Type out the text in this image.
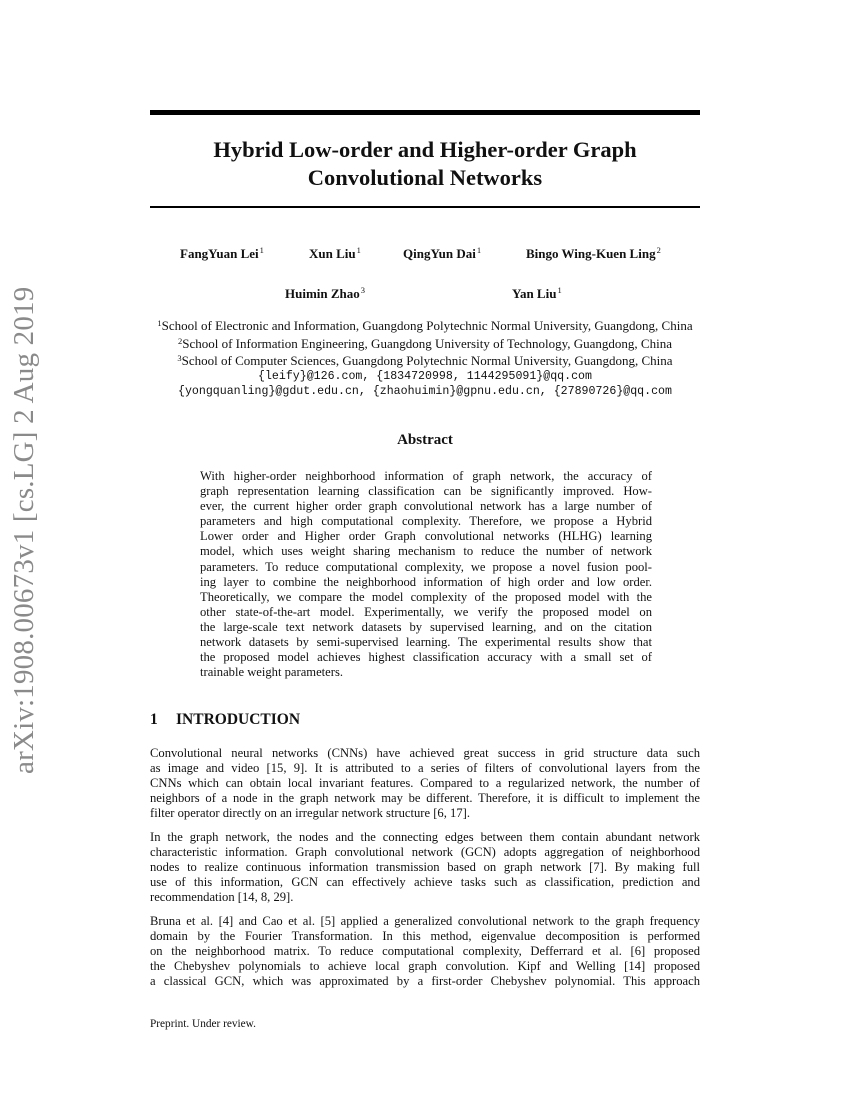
arXiv:1908.00673v1 [cs.LG] 2 Aug 2019
Hybrid Low-order and Higher-order Graph
Convolutional Networks
FangYuan Lei$^1$	Xun Liu$^1$	QingYun Dai$^1$	Bingo Wing-Kuen Ling$^2$
Huimin Zhao$^3$	Yan Liu$^1$
$^1$School of Electronic and Information, Guangdong Polytechnic Normal University, Guangdong, China
$^2$School of Information Engineering, Guangdong University of Technology, Guangdong, China
$^3$School of Computer Sciences, Guangdong Polytechnic Normal University, Guangdong, China
{leify}@126.com, {1834720998, 1144295091}@qq.com
{yongquanling}@gdut.edu.cn, {zhaohuimin}@gpnu.edu.cn, {27890726}@qq.com
Abstract
With higher-order neighborhood information of graph network, the accuracy of
graph representation learning classification can be significantly improved. How-
ever, the current higher order graph convolutional network has a large number of
parameters and high computational complexity. Therefore, we propose a Hybrid
Lower order and Higher order Graph convolutional networks (HLHG) learning
model, which uses weight sharing mechanism to reduce the number of network
parameters. To reduce computational complexity, we propose a novel fusion pool-
ing layer to combine the neighborhood information of high order and low order.
Theoretically, we compare the model complexity of the proposed model with the
other state-of-the-art model. Experimentally, we verify the proposed model on
the large-scale text network datasets by supervised learning, and on the citation
network datasets by semi-supervised learning. The experimental results show that
the proposed model achieves highest classification accuracy with a small set of
trainable weight parameters.
1 INTRODUCTION
Convolutional neural networks (CNNs) have achieved great success in grid structure data such
as image and video [15, 9]. It is attributed to a series of filters of convolutional layers from the
CNNs which can obtain local invariant features. Compared to a regularized network, the number of
neighbors of a node in the graph network may be different. Therefore, it is difficult to implement the
filter operator directly on an irregular network structure [6, 17].
In the graph network, the nodes and the connecting edges between them contain abundant network
characteristic information. Graph convolutional network (GCN) adopts aggregation of neighborhood
nodes to realize continuous information transmission based on graph network [7]. By making full
use of this information, GCN can effectively achieve tasks such as classification, prediction and
recommendation [14, 8, 29].
Bruna et al. [4] and Cao et al. [5] applied a generalized convolutional network to the graph frequency
domain by the Fourier Transformation. In this method, eigenvalue decomposition is performed
on the neighborhood matrix. To reduce computational complexity, Defferrard et al. [6] proposed
the Chebyshev polynomials to achieve local graph convolution. Kipf and Welling [14] proposed
a classical GCN, which was approximated by a first-order Chebyshev polynomial. This approach
Preprint. Under review.
